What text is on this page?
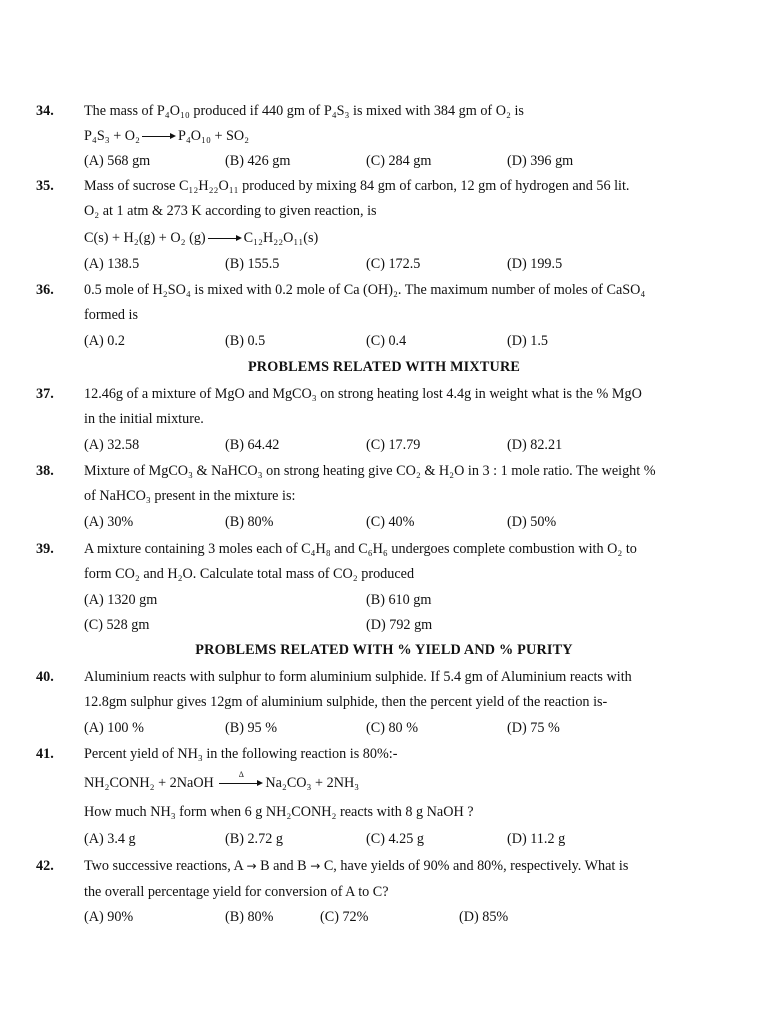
34.	The mass of P₄O₁₀ produced if 440 gm of P₄S₃ is mixed with 384 gm of O₂ is
P₄S₃ + O₂	P₄O₁₀ + SO₂
(A) 568 gm	(B) 426 gm	(C) 284 gm	(D) 396 gm
35.	Mass of sucrose C₁₂H₂₂O₁₁ produced by mixing 84 gm of carbon, 12 gm of hydrogen and 56 lit.
O₂ at 1 atm & 273 K according to given reaction, is
C(s) + H₂(g) + O₂ (g)	C₁₂H₂₂O₁₁(s)
(A) 138.5	(B) 155.5	(C) 172.5	(D) 199.5
36.	0.5 mole of H₂SO₄ is mixed with 0.2 mole of Ca (OH)₂. The maximum number of moles of CaSO₄
formed is
(A) 0.2	(B) 0.5	(C) 0.4	(D) 1.5
PROBLEMS RELATED WITH MIXTURE
37.	12.46g of a mixture of MgO and MgCO₃ on strong heating lost 4.4g in weight what is the % MgO
in the initial mixture.
(A) 32.58	(B) 64.42	(C) 17.79	(D) 82.21
38.	Mixture of MgCO₃ & NaHCO₃ on strong heating give CO₂ & H₂O in 3 : 1 mole ratio. The weight %
of NaHCO₃ present in the mixture is:
(A) 30%	(B) 80%	(C) 40%	(D) 50%
39.	A mixture containing 3 moles each of C₄H₈ and C₆H₆ undergoes complete combustion with O₂ to
form CO₂ and H₂O. Calculate total mass of CO₂ produced
(A) 1320 gm	(B) 610 gm
(C) 528 gm	(D) 792 gm
PROBLEMS RELATED WITH % YIELD AND % PURITY
40.	Aluminium reacts with sulphur to form aluminium sulphide. If 5.4 gm of Aluminium reacts with
12.8gm sulphur gives 12gm of aluminium sulphide, then the percent yield of the reaction is-
(A) 100 %	(B) 95 %	(C) 80 %	(D) 75 %
41.	Percent yield of NH₃ in the following reaction is 80%:-
NH₂CONH₂ + 2NaOH
Δ
Na₂CO₃ + 2NH₃
How much NH₃ form when 6 g NH₂CONH₂ reacts with 8 g NaOH ?
(A) 3.4 g	(B) 2.72 g	(C) 4.25 g	(D) 11.2 g
42.	Two successive reactions, A → B and B → C, have yields of 90% and 80%, respectively. What is
the overall percentage yield for conversion of A to C?
(A) 90%	(B) 80%	(C) 72%	(D) 85%
